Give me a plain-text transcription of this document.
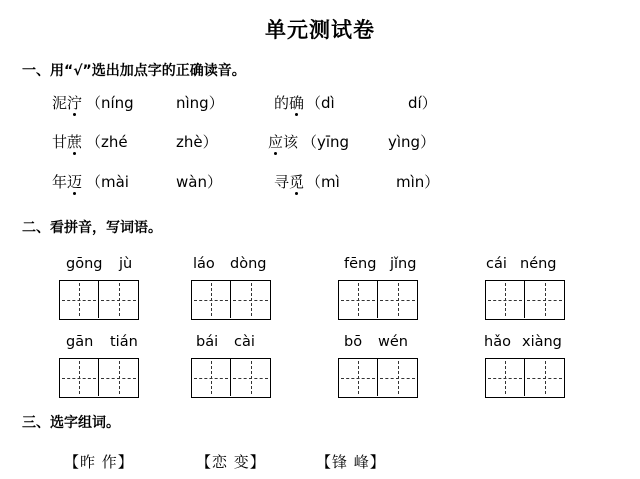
单元测试卷
一、用“√”选出加点字的正确读音。
泥泞 （níng	nìng）	的确 （dì	dí）
甘蔗 （zhé	zhè）	应该 （yīng	yìng）
年迈 （mài	wàn）	寻觅 （mì	mìn）
二、看拼音，写词语。
gōng jù	láo dòng	fēng jǐng	cái néng
gān tián	bái cài	bō wén	hǎo xiàng
三、选字组词。
【昨 作】	【恋 变】	【锋 峰】
